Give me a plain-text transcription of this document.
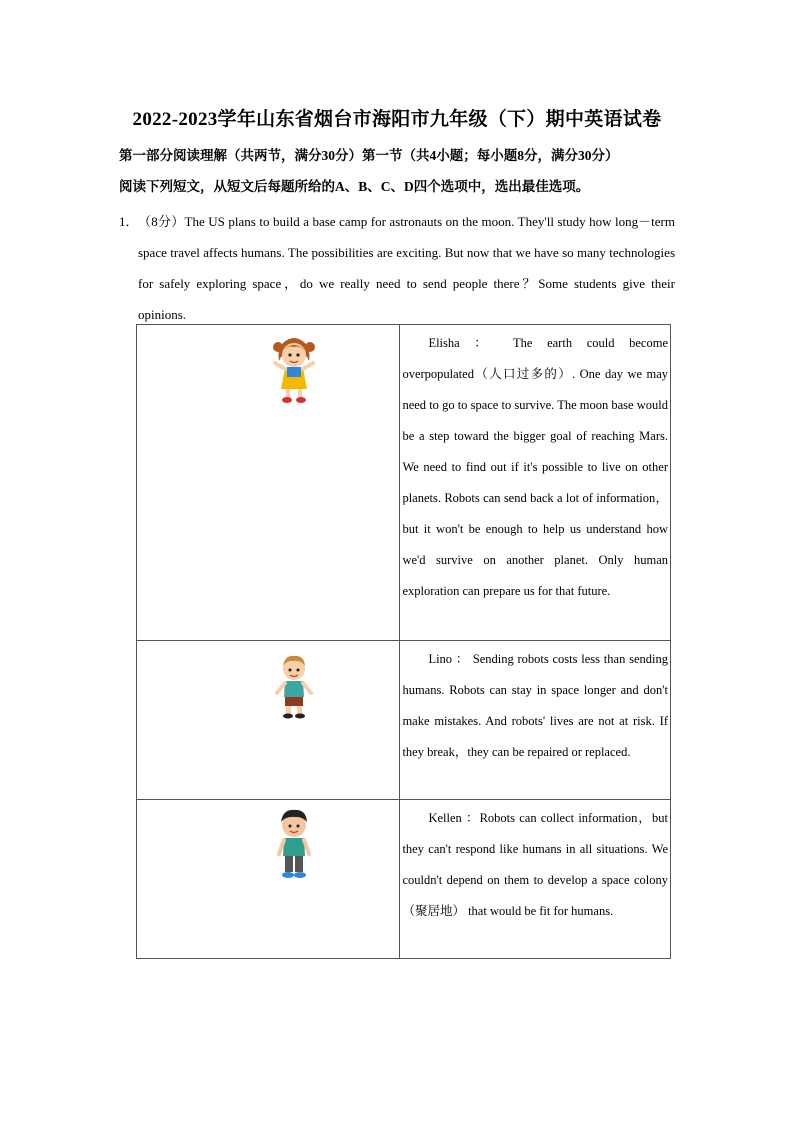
2022-2023学年山东省烟台市海阳市九年级（下）期中英语试卷
第一部分阅读理解（共两节，满分30分）第一节（共4小题；每小题8分，满分30分）
阅读下列短文，从短文后每题所给的A、B、C、D四个选项中，选出最佳选项。
1． （8分）The US plans to build a base camp for astronauts on the moon. They'll study how long－term space travel affects humans. The possibilities are exciting. But now that we have so many technologies for safely exploring space，do we really need to send people there？Some students give their opinions.
	Elisha ： The earth could become overpopulated（人口过多的）. One day we may need to go to space to survive. The moon base would be a step toward the bigger goal of reaching Mars. We need to find out if it's possible to live on other planets. Robots can send back a lot of information，but it won't be enough to help us understand how we'd survive on another planet. Only human exploration can prepare us for that future.

	Lino ： Sending robots costs less than sending humans. Robots can stay in space longer and don't make mistakes. And robots' lives are not at risk. If they break，they can be repaired or replaced.

	Kellen ：Robots can collect information，but they can't respond like humans in all situations. We couldn't depend on them to develop a space colony（聚居地） that would be fit for humans.
